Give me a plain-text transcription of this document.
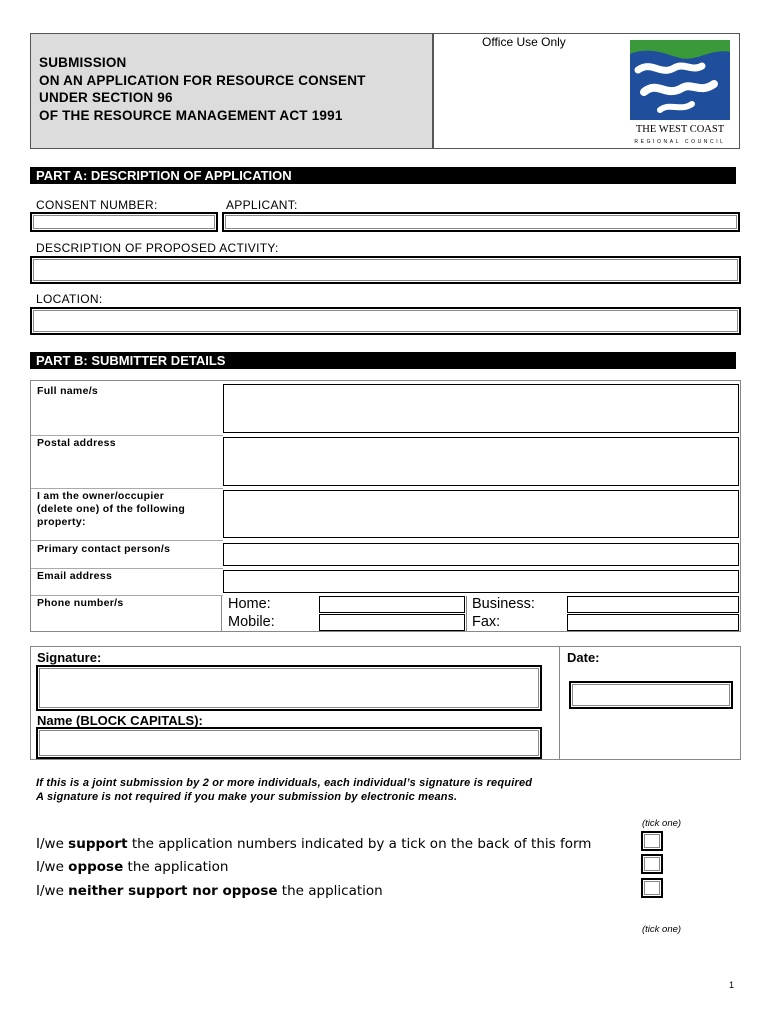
SUBMISSION
ON AN APPLICATION FOR RESOURCE CONSENT
UNDER SECTION 96
OF THE RESOURCE MANAGEMENT ACT 1991
Office Use Only
THE WEST COAST
REGIONAL COUNCIL
PART A: DESCRIPTION OF APPLICATION
CONSENT NUMBER:	APPLICANT:
DESCRIPTION OF PROPOSED ACTIVITY:
LOCATION:
PART B: SUBMITTER DETAILS
Full name/s
Postal address
I am the owner/occupier
(delete one) of the following
property:
Primary contact person/s
Email address
Phone number/s	Home:	Business:
Mobile:	Fax:
Signature:	Date:
Name (BLOCK CAPITALS):
If this is a joint submission by 2 or more individuals, each individual’s signature is required
A signature is not required if you make your submission by electronic means.
(tick one)
I/we support the application numbers indicated by a tick on the back of this form
I/we oppose the application
I/we neither support nor oppose the application
(tick one)
1
